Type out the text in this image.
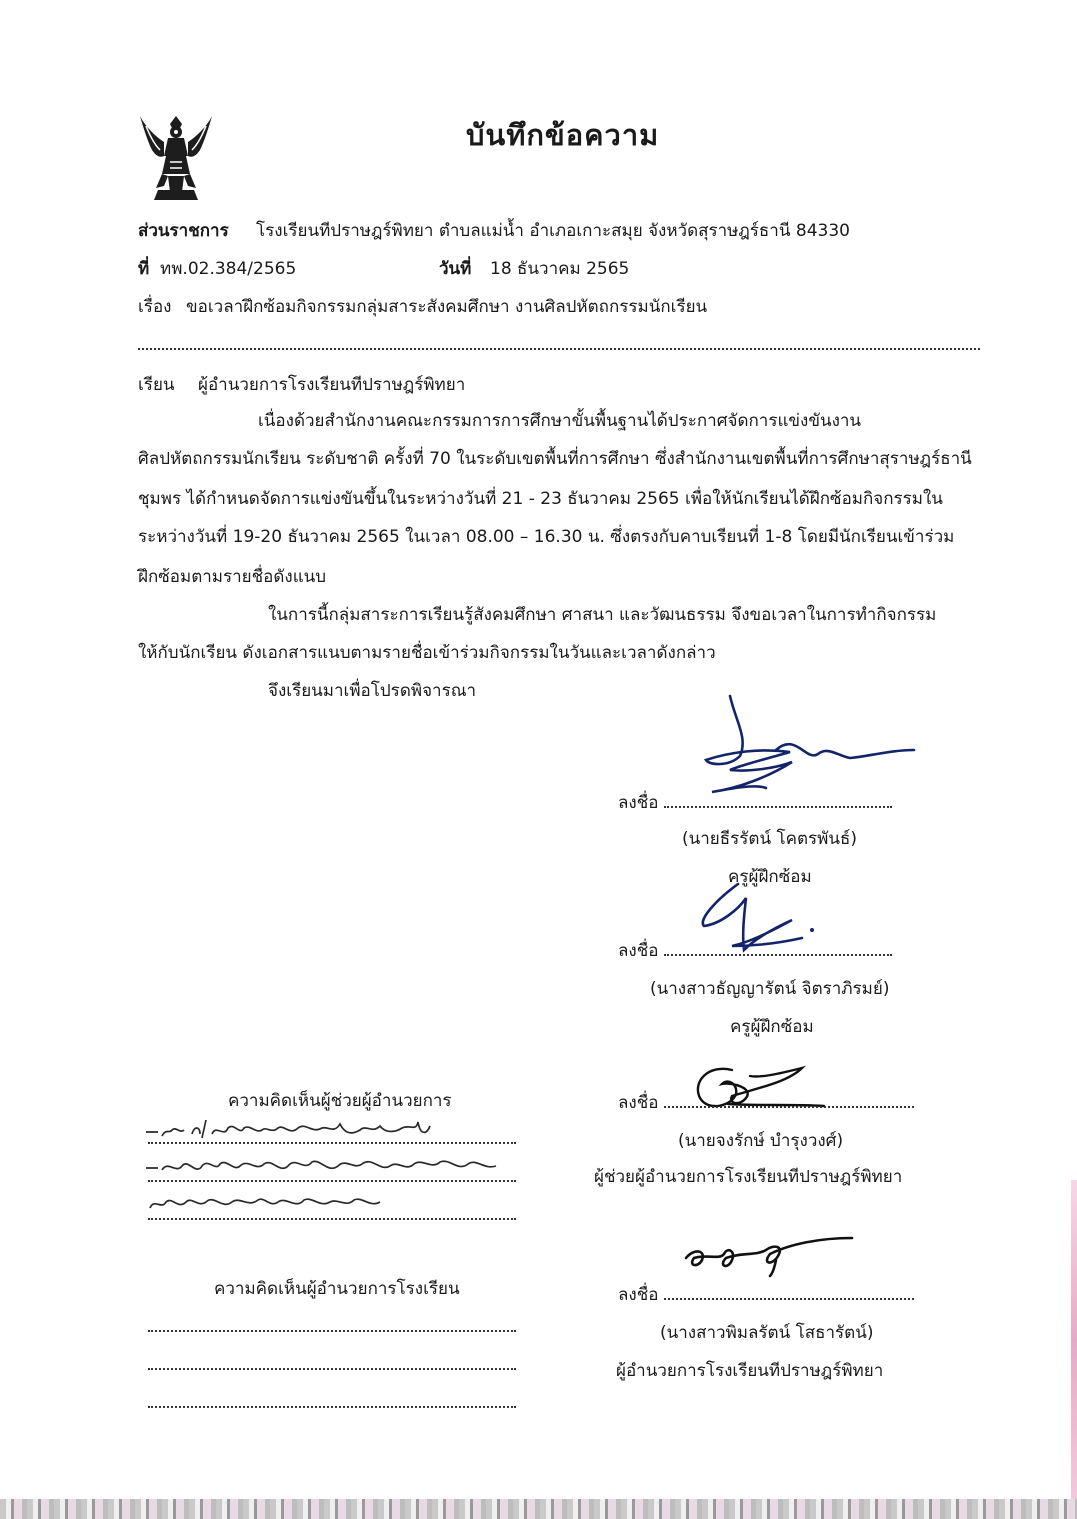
บันทึกข้อความ
ส่วนราชการ โรงเรียนทีปราษฎร์พิทยา ตำบลแม่น้ำ อำเภอเกาะสมุย จังหวัดสุราษฎร์ธานี 84330
ที่ ทพ.02.384/2565	วันที่ 18 ธันวาคม 2565
เรื่อง ขอเวลาฝึกซ้อมกิจกรรมกลุ่มสาระสังคมศึกษา งานศิลปหัตถกรรมนักเรียน
เรียน ผู้อำนวยการโรงเรียนทีปราษฎร์พิทยา
เนื่องด้วยสำนักงานคณะกรรมการการศึกษาขั้นพื้นฐานได้ประกาศจัดการแข่งขันงาน
ศิลปหัตถกรรมนักเรียน ระดับชาติ ครั้งที่ 70 ในระดับเขตพื้นที่การศึกษา ซึ่งสำนักงานเขตพื้นที่การศึกษาสุราษฎร์ธานี
ชุมพร ได้กำหนดจัดการแข่งขันขึ้นในระหว่างวันที่ 21 - 23 ธันวาคม 2565 เพื่อให้นักเรียนได้ฝึกซ้อมกิจกรรมใน
ระหว่างวันที่ 19-20 ธันวาคม 2565 ในเวลา 08.00 – 16.30 น. ซึ่งตรงกับคาบเรียนที่ 1-8 โดยมีนักเรียนเข้าร่วม
ฝึกซ้อมตามรายชื่อดังแนบ
ในการนี้กลุ่มสาระการเรียนรู้สังคมศึกษา ศาสนา และวัฒนธรรม จึงขอเวลาในการทำกิจกรรม
ให้กับนักเรียน ดังเอกสารแนบตามรายชื่อเข้าร่วมกิจกรรมในวันและเวลาดังกล่าว
จึงเรียนมาเพื่อโปรดพิจารณา
ลงชื่อ
(นายธีรรัตน์ โคตรพันธ์)
ครูผู้ฝึกซ้อม
ลงชื่อ
(นางสาวธัญญารัตน์ จิตราภิรมย์)
ครูผู้ฝึกซ้อม
ความคิดเห็นผู้ช่วยผู้อำนวยการ	ลงชื่อ
(นายจงรักษ์ บำรุงวงศ์)
ผู้ช่วยผู้อำนวยการโรงเรียนทีปราษฎร์พิทยา
ความคิดเห็นผู้อำนวยการโรงเรียน	ลงชื่อ
(นางสาวพิมลรัตน์ โสธารัตน์)
ผู้อำนวยการโรงเรียนทีปราษฎร์พิทยา
